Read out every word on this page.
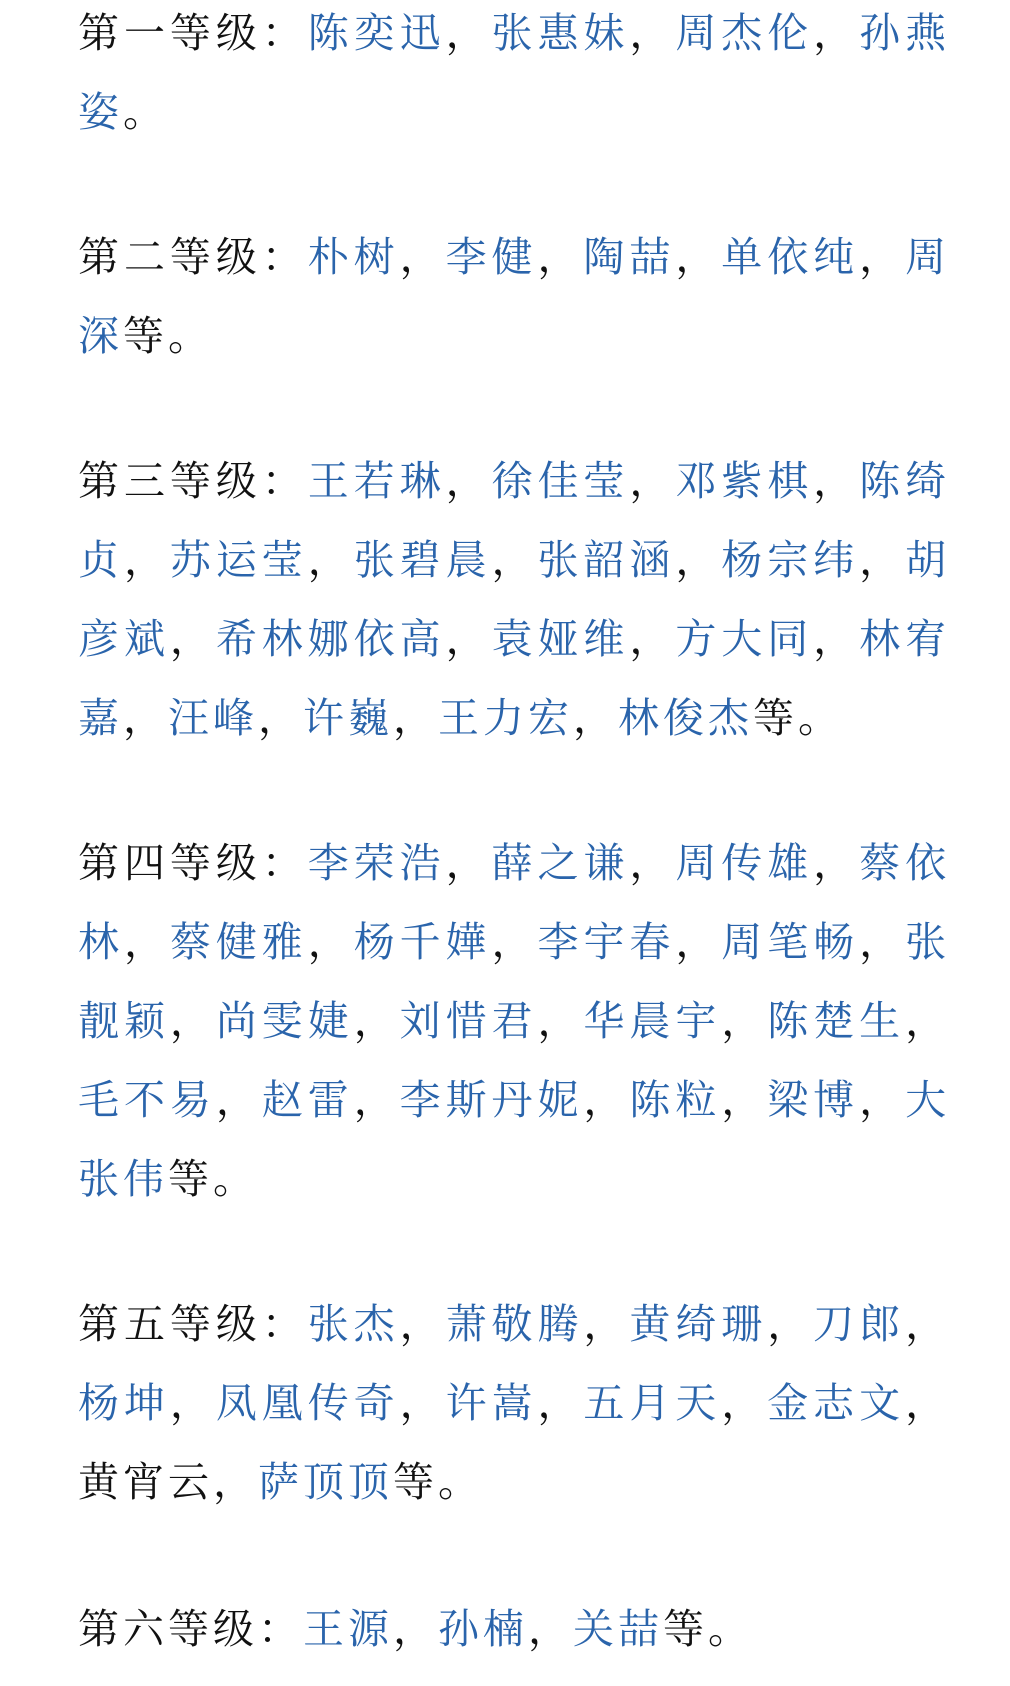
第一等级：陈奕迅，张惠妹，周杰伦，孙燕姿。

第二等级：朴树，李健，陶喆，单依纯，周深等。

第三等级：王若琳，徐佳莹，邓紫棋，陈绮贞，苏运莹，张碧晨，张韶涵，杨宗纬，胡彦斌，希林娜依高，袁娅维，方大同，林宥嘉，汪峰，许巍，王力宏，林俊杰等。

第四等级：李荣浩，薛之谦，周传雄，蔡依林，蔡健雅，杨千嬅，李宇春，周笔畅，张靓颖，尚雯婕，刘惜君，华晨宇，陈楚生，毛不易，赵雷，李斯丹妮，陈粒，梁博，大张伟等。

第五等级：张杰，萧敬腾，黄绮珊，刀郎，杨坤，凤凰传奇，许嵩，五月天，金志文，黄宵云，萨顶顶等。

第六等级：王源，孙楠，关喆等。
